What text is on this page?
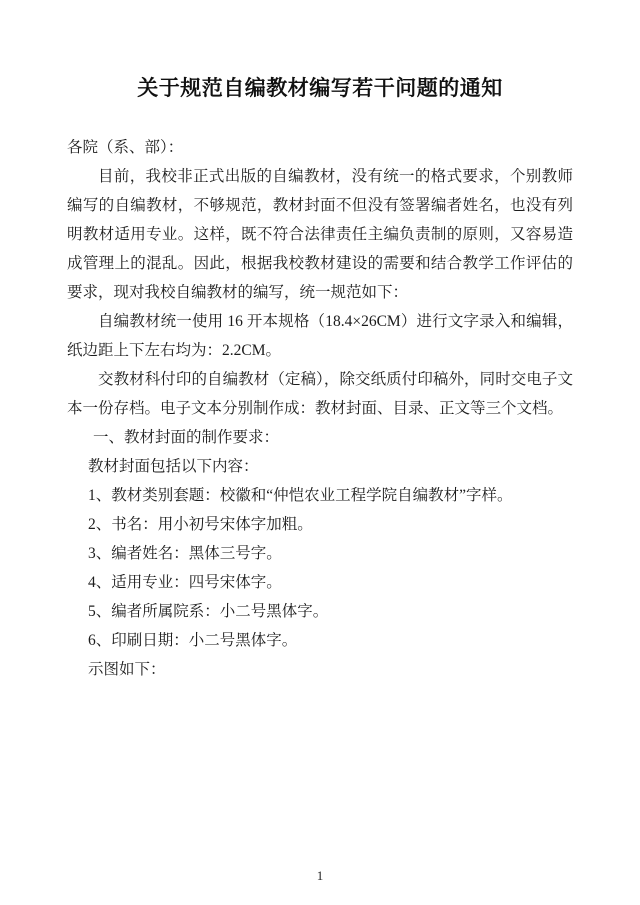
关于规范自编教材编写若干问题的通知

各院（系、部）：

目前，我校非正式出版的自编教材，没有统一的格式要求，个别教师编写的自编教材，不够规范，教材封面不但没有签署编者姓名，也没有列明教材适用专业。这样，既不符合法律责任主编负责制的原则，又容易造成管理上的混乱。因此，根据我校教材建设的需要和结合教学工作评估的要求，现对我校自编教材的编写，统一规范如下：

自编教材统一使用 16 开本规格（18.4×26CM）进行文字录入和编辑，纸边距上下左右均为：2.2CM。

交教材科付印的自编教材（定稿），除交纸质付印稿外，同时交电子文本一份存档。电子文本分别制作成：教材封面、目录、正文等三个文档。

一、教材封面的制作要求：

教材封面包括以下内容：

1、教材类别套题：校徽和“仲恺农业工程学院自编教材”字样。

2、书名：用小初号宋体字加粗。

3、编者姓名：黑体三号字。

4、适用专业：四号宋体字。

5、编者所属院系：小二号黑体字。

6、印刷日期：小二号黑体字。

示图如下：

1
